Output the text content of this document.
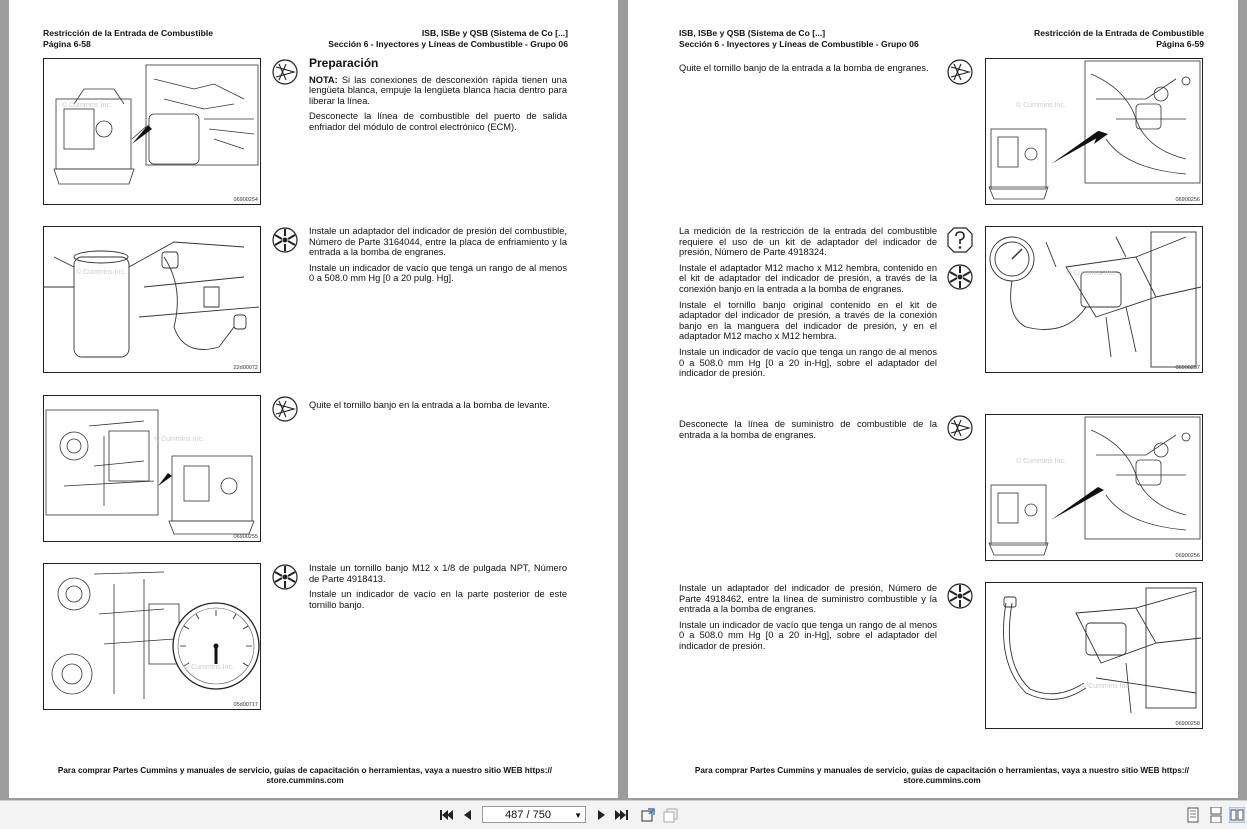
Restricción de la Entrada de Combustible
Página 6-58
ISB, ISBe y QSB (Sistema de Co [...]
Sección 6 - Inyectores y Líneas de Combustible - Grupo 06
© Cummins Inc.
06900254

Preparación

NOTA: Si las conexiones de desconexión rápida tienen una lengüeta blanca, empuje la lengüeta blanca hacia dentro para liberar la línea.

Desconecte la línea de combustible del puerto de salida enfriador del módulo de control electrónico (ECM).

© Cummins Inc.
22d00072

Instale un adaptador del indicador de presión del combustible, Número de Parte 3164044, entre la placa de enfriamiento y la entrada a la bomba de engranes.

Instale un indicador de vacío que tenga un rango de al menos 0 a 508.0 mm Hg [0 a 20 pulg. Hg].

© Cummins Inc.
06900255

Quite el tornillo banjo en la entrada a la bomba de levante.

© Cummins Inc.
05d00717

Instale un tornillo banjo M12 x 1/8 de pulgada NPT, Número de Parte 4918413.

Instale un indicador de vacío en la parte posterior de este tornillo banjo.

Para comprar Partes Cummins y manuales de servicio, guías de capacitación o herramientas, vaya a nuestro sitio WEB https://
store.cummins.com
ISB, ISBe y QSB (Sistema de Co [...]
Sección 6 - Inyectores y Líneas de Combustible - Grupo 06
Restricción de la Entrada de Combustible
Página 6-59

Quite el tornillo banjo de la entrada a la bomba de engranes.

© Cummins Inc.
06900256

La medición de la restricción de la entrada del combustible requiere el uso de un kit de adaptador del indicador de presión, Número de Parte 4918324.

Instale el adaptador M12 macho x M12 hembra, contenido en el kit de adaptador del indicador de presión, a través de la conexión banjo en la entrada a la bomba de engranes.

Instale el tornillo banjo original contenido en el kit de adaptador del indicador de presión, a través de la conexión banjo en la manguera del indicador de presión, y en el adaptador M12 macho x M12 hembra.

Instale un indicador de vacío que tenga un rango de al menos 0 a 508.0 mm Hg [0 a 20 in-Hg], sobre el adaptador del indicador de presión.

© Cummins Inc.
06900257

Desconecte la línea de suministro de combustible de la entrada a la bomba de engranes.

© Cummins Inc.
06900256

Instale un adaptador del indicador de presión, Número de Parte 4918462, entre la línea de suministro combustible y la entrada a la bomba de engranes.

Instale un indicador de vacío que tenga un rango de al menos 0 a 508.0 mm Hg [0 a 20 in-Hg], sobre el adaptador del indicador de presión.

© Cummins Inc.
06900258
Para comprar Partes Cummins y manuales de servicio, guías de capacitación o herramientas, vaya a nuestro sitio WEB https://
store.cummins.com
487 / 750	▼
